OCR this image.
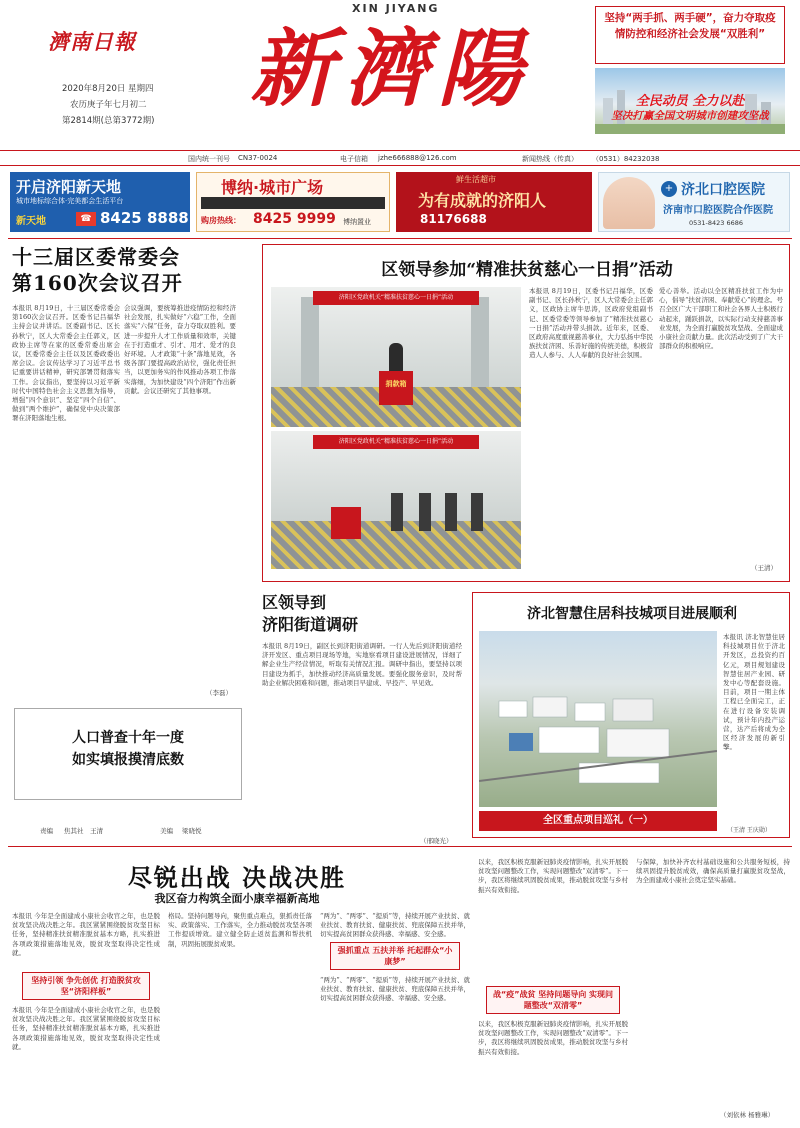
濟南日報
2020年8月20日 星期四
农历庚子年七月初二
第2814期(总第3772期)
XIN JIYANG
新濟陽
坚持“两手抓、两手硬”，奋力夺取疫情防控和经济社会发展“双胜利”
全民动员 全力以赴
坚决打赢全国文明城市创建攻坚战
国内统一刊号 CN37-0024	电子信箱 jzhe666888@126.com	新闻热线（传真） （0531）84232038
开启济阳新天地
城市地标综合体·完美都会生活平台
新天地	☎ 8425 8888
博纳·城市广场
购房热线： 8425 9999 博纳置业
鲜生活超市
为有成就的济阳人
81176688
+ 济北口腔医院
济南市口腔医院合作医院
0531-8423 6686
十三届区委常委会
第160次会议召开
本报讯 8月19日，十三届区委常委会第160次会议召开。区委书记吕福华主持会议并讲话。区委副书记、区长孙秋宁，区人大常委会主任郭义，区政协主席等在家的区委常委出席会议，区委常委会主任以及区委政委出席会议。会议传达学习了习近平总书记重要讲话精神，研究部署贯彻落实工作。会议指出，要坚持以习近平新时代中国特色社会主义思想为指导，增强“四个意识”、坚定“四个自信”、做到“两个维护”，确保党中央决策部署在济阳落地生根。
会议强调，要统筹推进疫情防控和经济社会发展，扎实做好“六稳”工作，全面落实“六保”任务，奋力夺取双胜利。要进一步提升人才工作质量和效率，关键在于打造重才、引才、用才、爱才的良好环境。人才政策“十条”落地见效，各级各部门要提高政治站位，强化责任担当，以更加务实的作风推动各项工作落实落细，为加快建设“四个济阳”作出新贡献。会议还研究了其他事项。
（李磊）
人口普查十年一度
如实填报摸清底数
责编 焦其社　王清	美编 梁晓悦
区领导参加“精准扶贫慈心一日捐”活动
济阳区党政机关“精准扶贫慈心一日捐”活动
捐款箱
济阳区党政机关“精准扶贫慈心一日捐”活动
本报讯 8月19日，区委书记吕福华，区委副书记、区长孙秋宁，区人大常委会主任郭义，区政协主席牛思涛，区政府党组副书记、区委常委等领导参加了“精准扶贫慈心一日捐”活动并带头捐款。近年来，区委、区政府高度重视慈善事业，大力弘扬中华民族扶贫济困、乐善好施的传统美德，积极营造人人参与、人人奉献的良好社会氛围。
爱心善举。活动以全区精准扶贫工作为中心，倡导“扶贫济困、奉献爱心”的理念。号召全区广大干部职工和社会各界人士积极行动起来，踊跃捐款，以实际行动支持慈善事业发展，为全面打赢脱贫攻坚战、全面建成小康社会贡献力量。此次活动受到了广大干部群众的积极响应。
（王清）
区领导到
济阳街道调研
本报讯 8月19日，副区长到济阳街道调研。一行人先后到济阳街道经济开发区、重点项目现场等地，实地察看项目建设进展情况，详细了解企业生产经营情况，听取有关情况汇报。调研中指出，要坚持以项目建设为抓手，加快推动经济高质量发展。要强化服务意识，及时帮助企业解决困难和问题，推动项目早建成、早投产、早见效。
（邢晓光）
济北智慧住居科技城项目进展顺利
本报讯 济北智慧住居科技城项目位于济北开发区，总投资约百亿元，项目规划建设智慧住居产业园、研发中心等配套设施。目前，项目一期主体工程已全面完工，正在进行设备安装调试，预计年内投产运营，达产后将成为全区经济发展的新引擎。
（王清 王庆勋）
全区重点项目巡礼（一）
尽锐出战 决战决胜
我区奋力构筑全面小康幸福新高地
本报讯 今年是全面建成小康社会收官之年，也是脱贫攻坚决战决胜之年。我区紧紧围绕脱贫攻坚目标任务，坚持精准扶贫精准脱贫基本方略，扎实推进各项政策措施落地见效，脱贫攻坚取得决定性成就。
坚持引领 争先创优 打造脱贫攻坚“济阳样板”
本报讯 今年是全面建成小康社会收官之年，也是脱贫攻坚决战决胜之年。我区紧紧围绕脱贫攻坚目标任务，坚持精准扶贫精准脱贫基本方略，扎实推进各项政策措施落地见效，脱贫攻坚取得决定性成就。
格局。坚持问题导向，聚焦重点难点，狠抓责任落实、政策落实、工作落实，全力推动脱贫攻坚各项工作提质增效。建立健全防止返贫监测和帮扶机制，巩固拓展脱贫成果。
“两为”、“两零”、“提质”等，持续开展产业扶贫、就业扶贫、教育扶贫、健康扶贫、兜底保障五扶并举，切实提高贫困群众获得感、幸福感、安全感。
强抓重点 五扶并举 托起群众“小康梦”
“两为”、“两零”、“提质”等，持续开展产业扶贫、就业扶贫、教育扶贫、健康扶贫、兜底保障五扶并举，切实提高贫困群众获得感、幸福感、安全感。
以来，我区积极克服新冠肺炎疫情影响，扎实开展脱贫攻坚问题整改工作，实现问题整改“双清零”。下一步，我区将继续巩固脱贫成果，推动脱贫攻坚与乡村振兴有效衔接。
战“疫”战贫 坚持问题导向 实现问题整改“双清零”
以来，我区积极克服新冠肺炎疫情影响，扎实开展脱贫攻坚问题整改工作，实现问题整改“双清零”。下一步，我区将继续巩固脱贫成果，推动脱贫攻坚与乡村振兴有效衔接。
与保障，加快补齐农村基础设施和公共服务短板，持续巩固提升脱贫成效，确保高质量打赢脱贫攻坚战，为全面建成小康社会奠定坚实基础。
（刘依林 杨雅琳）
